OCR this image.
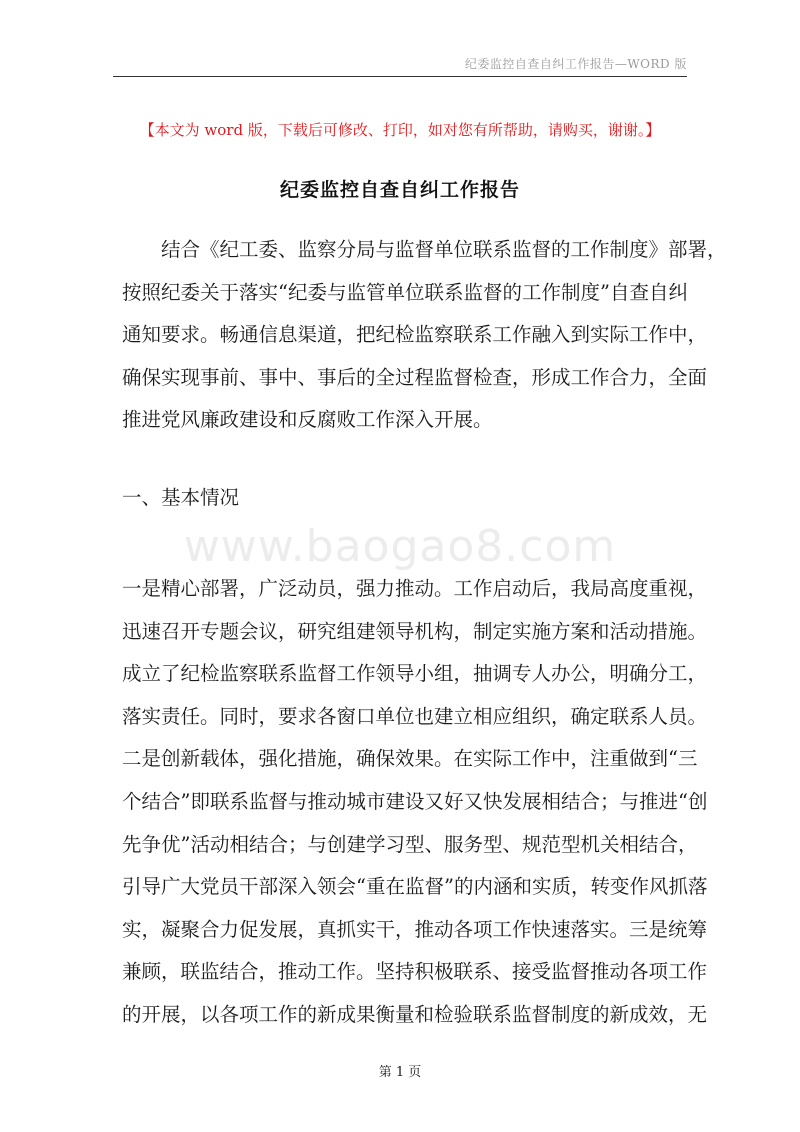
纪委监控自查自纠工作报告—WORD 版
【本文为 word 版，下载后可修改、打印，如对您有所帮助，请购买，谢谢。】
纪委监控自查自纠工作报告

结合《纪工委、监察分局与监督单位联系监督的工作制度》部署，
按照纪委关于落实“纪委与监管单位联系监督的工作制度”自查自纠
通知要求。畅通信息渠道，把纪检监察联系工作融入到实际工作中，
确保实现事前、事中、事后的全过程监督检查，形成工作合力，全面
推进党风廉政建设和反腐败工作深入开展。

一、基本情况
www.baogao8.com

一是精心部署，广泛动员，强力推动。工作启动后，我局高度重视，
迅速召开专题会议，研究组建领导机构，制定实施方案和活动措施。
成立了纪检监察联系监督工作领导小组，抽调专人办公，明确分工，
落实责任。同时，要求各窗口单位也建立相应组织，确定联系人员。
二是创新载体，强化措施，确保效果。在实际工作中，注重做到“三
个结合”即联系监督与推动城市建设又好又快发展相结合；与推进“创
先争优”活动相结合；与创建学习型、服务型、规范型机关相结合，
引导广大党员干部深入领会“重在监督”的内涵和实质，转变作风抓落
实，凝聚合力促发展，真抓实干，推动各项工作快速落实。三是统筹
兼顾，联监结合，推动工作。坚持积极联系、接受监督推动各项工作
的开展，以各项工作的新成果衡量和检验联系监督制度的新成效，无

第 1 页
